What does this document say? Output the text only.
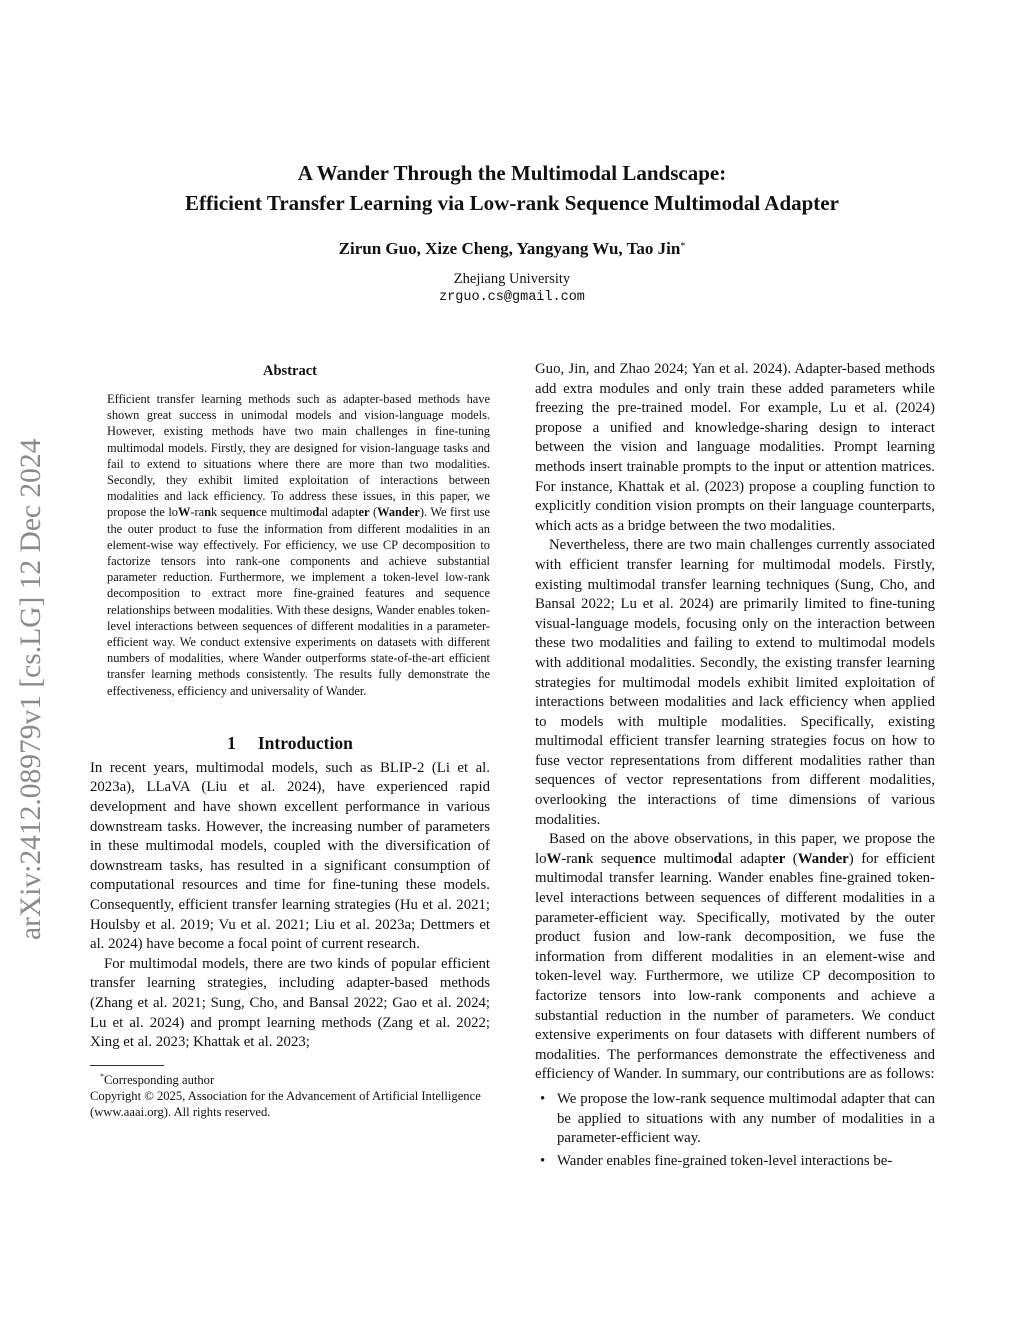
A Wander Through the Multimodal Landscape:
Efficient Transfer Learning via Low-rank Sequence Multimodal Adapter
Zirun Guo, Xize Cheng, Yangyang Wu, Tao Jin*
Zhejiang University
zrguo.cs@gmail.com
arXiv:2412.08979v1 [cs.LG] 12 Dec 2024
Abstract

Efficient transfer learning methods such as adapter-based methods have shown great success in unimodal models and vision-language models. However, existing methods have two main challenges in fine-tuning multimodal models. Firstly, they are designed for vision-language tasks and fail to extend to situations where there are more than two modalities. Secondly, they exhibit limited exploitation of interactions between modalities and lack efficiency. To address these issues, in this paper, we propose the loW-rank sequence multimodal adapter (Wander). We first use the outer product to fuse the information from different modalities in an element-wise way effectively. For efficiency, we use CP decomposition to factorize tensors into rank-one components and achieve substantial parameter reduction. Furthermore, we implement a token-level low-rank decomposition to extract more fine-grained features and sequence relationships between modalities. With these designs, Wander enables token-level interactions between sequences of different modalities in a parameter-efficient way. We conduct extensive experiments on datasets with different numbers of modalities, where Wander outperforms state-of-the-art efficient transfer learning methods consistently. The results fully demonstrate the effectiveness, efficiency and universality of Wander.

1 Introduction

In recent years, multimodal models, such as BLIP-2 (Li et al. 2023a), LLaVA (Liu et al. 2024), have experienced rapid development and have shown excellent performance in various downstream tasks. However, the increasing number of parameters in these multimodal models, coupled with the diversification of downstream tasks, has resulted in a significant consumption of computational resources and time for fine-tuning these models. Consequently, efficient transfer learning strategies (Hu et al. 2021; Houlsby et al. 2019; Vu et al. 2021; Liu et al. 2023a; Dettmers et al. 2024) have become a focal point of current research.

For multimodal models, there are two kinds of popular efficient transfer learning strategies, including adapter-based methods (Zhang et al. 2021; Sung, Cho, and Bansal 2022; Gao et al. 2024; Lu et al. 2024) and prompt learning methods (Zang et al. 2022; Xing et al. 2023; Khattak et al. 2023;

*Corresponding author

Copyright © 2025, Association for the Advancement of Artificial Intelligence (www.aaai.org). All rights reserved.

Guo, Jin, and Zhao 2024; Yan et al. 2024). Adapter-based methods add extra modules and only train these added parameters while freezing the pre-trained model. For example, Lu et al. (2024) propose a unified and knowledge-sharing design to interact between the vision and language modalities. Prompt learning methods insert trainable prompts to the input or attention matrices. For instance, Khattak et al. (2023) propose a coupling function to explicitly condition vision prompts on their language counterparts, which acts as a bridge between the two modalities.

Nevertheless, there are two main challenges currently associated with efficient transfer learning for multimodal models. Firstly, existing multimodal transfer learning techniques (Sung, Cho, and Bansal 2022; Lu et al. 2024) are primarily limited to fine-tuning visual-language models, focusing only on the interaction between these two modalities and failing to extend to multimodal models with additional modalities. Secondly, the existing transfer learning strategies for multimodal models exhibit limited exploitation of interactions between modalities and lack efficiency when applied to models with multiple modalities. Specifically, existing multimodal efficient transfer learning strategies focus on how to fuse vector representations from different modalities rather than sequences of vector representations from different modalities, overlooking the interactions of time dimensions of various modalities.

Based on the above observations, in this paper, we propose the loW-rank sequence multimodal adapter (Wander) for efficient multimodal transfer learning. Wander enables fine-grained token-level interactions between sequences of different modalities in a parameter-efficient way. Specifically, motivated by the outer product fusion and low-rank decomposition, we fuse the information from different modalities in an element-wise and token-level way. Furthermore, we utilize CP decomposition to factorize tensors into low-rank components and achieve a substantial reduction in the number of parameters. We conduct extensive experiments on four datasets with different numbers of modalities. The performances demonstrate the effectiveness and efficiency of Wander. In summary, our contributions are as follows:

• We propose the low-rank sequence multimodal adapter that can be applied to situations with any number of modalities in a parameter-efficient way.
• Wander enables fine-grained token-level interactions be-
